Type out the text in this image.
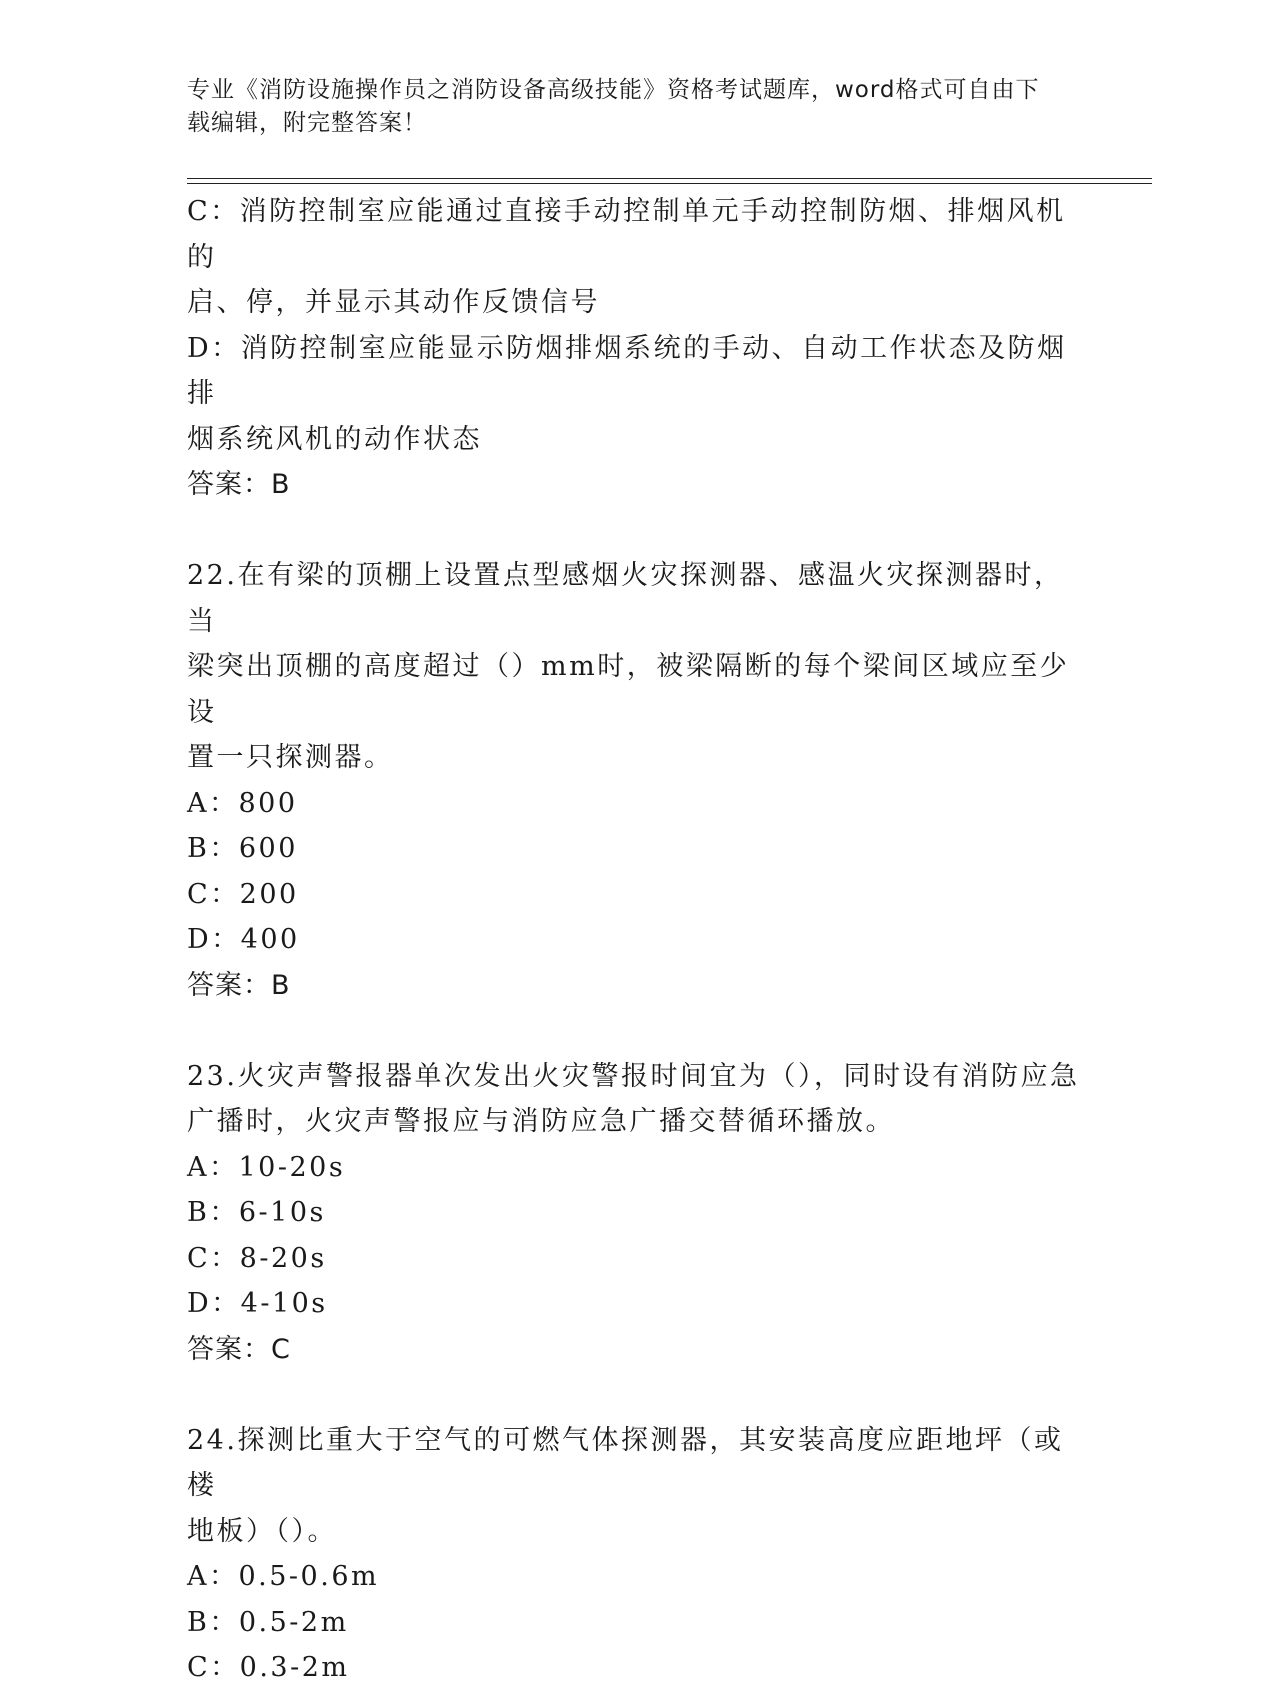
专业《消防设施操作员之消防设备高级技能》资格考试题库，word格式可自由下
载编辑，附完整答案！
C：消防控制室应能通过直接手动控制单元手动控制防烟、排烟风机的
启、停，并显示其动作反馈信号
D：消防控制室应能显示防烟排烟系统的手动、自动工作状态及防烟排
烟系统风机的动作状态
答案：B
22.在有梁的顶棚上设置点型感烟火灾探测器、感温火灾探测器时，当
梁突出顶棚的高度超过（）mm时，被梁隔断的每个梁间区域应至少设
置一只探测器。
A：800
B：600
C：200
D：400
答案：B
23.火灾声警报器单次发出火灾警报时间宜为（），同时设有消防应急
广播时，火灾声警报应与消防应急广播交替循环播放。
A：10-20s
B：6-10s
C：8-20s
D：4-10s
答案：C
24.探测比重大于空气的可燃气体探测器，其安装高度应距地坪（或楼
地板）（）。
A：0.5-0.6m
B：0.5-2m
C：0.3-2m
